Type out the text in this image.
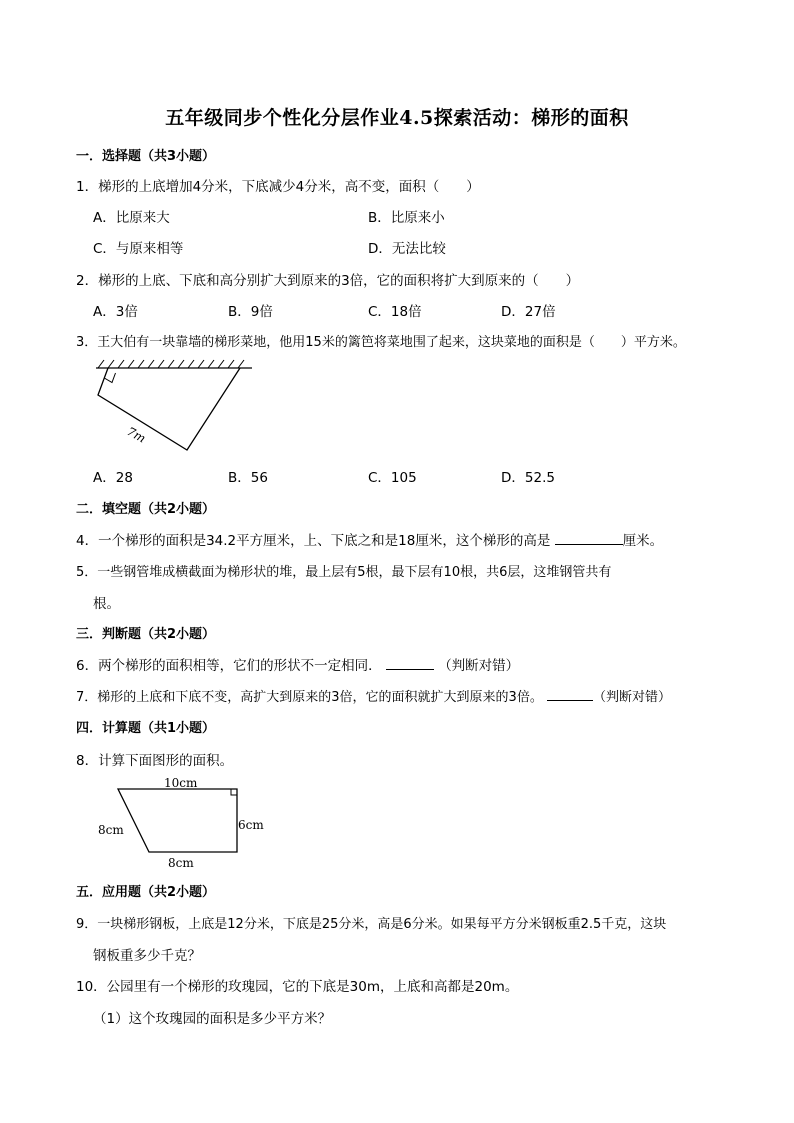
五年级同步个性化分层作业4.5探索活动：梯形的面积
一．选择题（共3小题）
1．梯形的上底增加4分米，下底减少4分米，高不变，面积（　　）
A．比原来大	B．比原来小
C．与原来相等	D．无法比较
2．梯形的上底、下底和高分别扩大到原来的3倍，它的面积将扩大到原来的（　　）
A．3倍	B．9倍	C．18倍	D．27倍
3．王大伯有一块靠墙的梯形菜地，他用15米的篱笆将菜地围了起来，这块菜地的面积是（　　）平方米。
7m
A．28	B．56	C．105	D．52.5
二．填空题（共2小题）
4．一个梯形的面积是34.2平方厘米，上、下底之和是18厘米，这个梯形的高是	厘米。
5．一些钢管堆成横截面为梯形状的堆，最上层有5根，最下层有10根，共6层，这堆钢管共有
根。
三．判断题（共2小题）
6．两个梯形的面积相等，它们的形状不一定相同．	（判断对错）
7．梯形的上底和下底不变，高扩大到原来的3倍，它的面积就扩大到原来的3倍。	（判断对错）
四．计算题（共1小题）
8．计算下面图形的面积。
10cm
8cm	6cm
8cm
五．应用题（共2小题）
9．一块梯形钢板，上底是12分米，下底是25分米，高是6分米。如果每平方分米钢板重2.5千克，这块
钢板重多少千克？
10．公园里有一个梯形的玫瑰园，它的下底是30m，上底和高都是20m。
（1）这个玫瑰园的面积是多少平方米？
